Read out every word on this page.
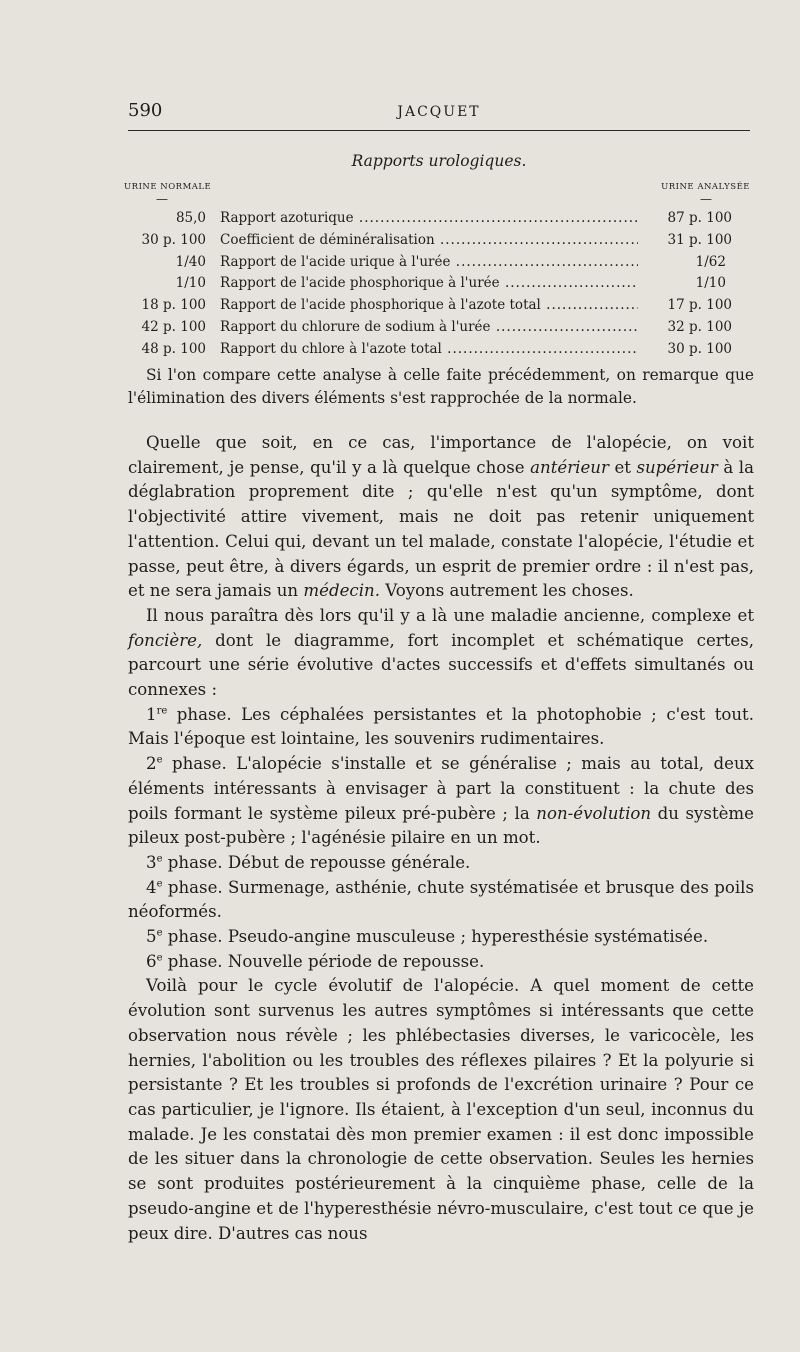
590	JACQUET
Rapports urologiques.
URINE NORMALE	URINE ANALYSÉE
—	—
85,0 Rapport azoturique .....	87 p. 100
30 p. 100 Coefficient de déminéralisation .....	31 p. 100
1/40 Rapport de l'acide urique à l'urée .....	1/62
1/10 Rapport de l'acide phosphorique à l'urée .....	1/10
18 p. 100 Rapport de l'acide phosphorique à l'azote total .....	17 p. 100
42 p. 100 Rapport du chlorure de sodium à l'urée .....	32 p. 100
48 p. 100 Rapport du chlore à l'azote total .....	30 p. 100

Si l'on compare cette analyse à celle faite précédemment, on remarque que l'élimination des divers éléments s'est rapprochée de la normale.

Quelle que soit, en ce cas, l'importance de l'alopécie, on voit clairement, je pense, qu'il y a là quelque chose antérieur et supérieur à la déglabration proprement dite ; qu'elle n'est qu'un symptôme, dont l'objectivité attire vivement, mais ne doit pas retenir uniquement l'attention. Celui qui, devant un tel malade, constate l'alopécie, l'étudie et passe, peut être, à divers égards, un esprit de premier ordre : il n'est pas, et ne sera jamais un médecin. Voyons autrement les choses.

Il nous paraîtra dès lors qu'il y a là une maladie ancienne, complexe et foncière, dont le diagramme, fort incomplet et schématique certes, parcourt une série évolutive d'actes successifs et d'effets simultanés ou connexes :

1re phase. Les céphalées persistantes et la photophobie ; c'est tout. Mais l'époque est lointaine, les souvenirs rudimentaires.

2e phase. L'alopécie s'installe et se généralise ; mais au total, deux éléments intéressants à envisager à part la constituent : la chute des poils formant le système pileux pré-pubère ; la non-évolution du système pileux post-pubère ; l'agénésie pilaire en un mot.

3e phase. Début de repousse générale.

4e phase. Surmenage, asthénie, chute systématisée et brusque des poils néoformés.

5e phase. Pseudo-angine musculeuse ; hyperesthésie systématisée.

6e phase. Nouvelle période de repousse.

Voilà pour le cycle évolutif de l'alopécie. A quel moment de cette évolution sont survenus les autres symptômes si intéressants que cette observation nous révèle ; les phlébectasies diverses, le varicocèle, les hernies, l'abolition ou les troubles des réflexes pilaires ? Et la polyurie si persistante ? Et les troubles si profonds de l'excrétion urinaire ? Pour ce cas particulier, je l'ignore. Ils étaient, à l'exception d'un seul, inconnus du malade. Je les constatai dès mon premier examen : il est donc impossible de les situer dans la chronologie de cette observation. Seules les hernies se sont produites postérieurement à la cinquième phase, celle de la pseudo-angine et de l'hyperesthésie névro-musculaire, c'est tout ce que je peux dire. D'autres cas nous
